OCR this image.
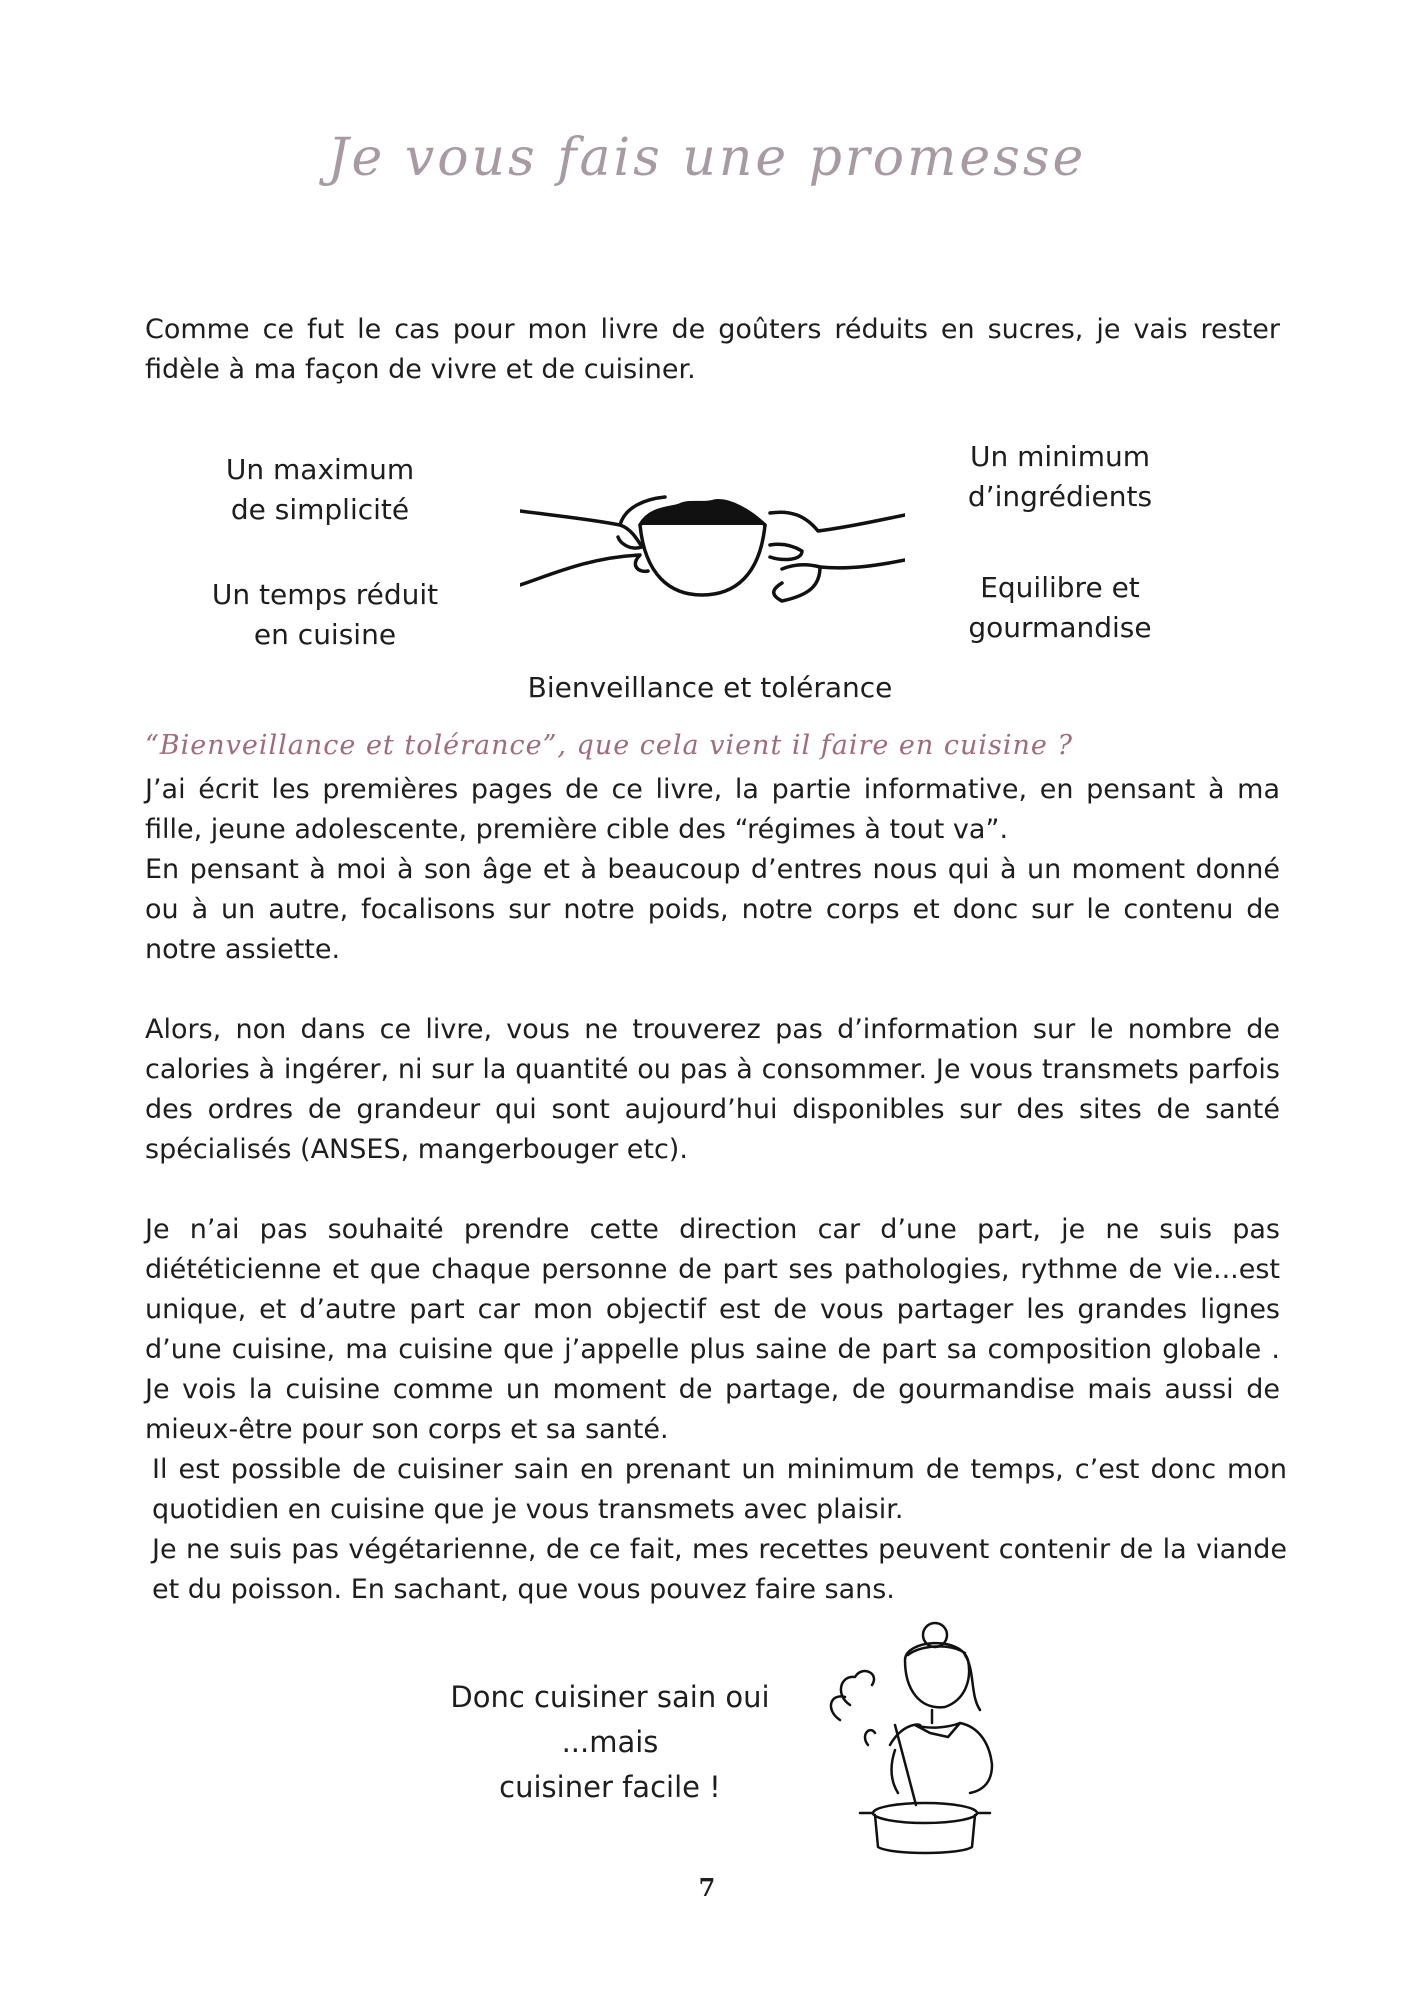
Je vous fais une promesse

Comme ce fut le cas pour mon livre de goûters réduits en sucres, je vais rester fidèle à ma façon de vivre et de cuisiner.

Un maximum
de simplicité
Un temps réduit
en cuisine
Un minimum
d’ingrédients
Equilibre et
gourmandise
Bienveillance et tolérance
“Bienveillance et tolérance”, que cela vient il faire en cuisine ?
J’ai écrit les premières pages de ce livre, la partie informative, en pensant à ma fille, jeune adolescente, première cible des “régimes à tout va”.
En pensant à moi à son âge et à beaucoup d’entres nous qui à un moment donné ou à un autre, focalisons sur notre poids, notre corps et donc sur le contenu de notre assiette.

Alors, non dans ce livre, vous ne trouverez pas d’information sur le nombre de calories à ingérer, ni sur la quantité ou pas à consommer. Je vous transmets parfois des ordres de grandeur qui sont aujourd’hui disponibles sur des sites de santé spécialisés (ANSES, mangerbouger etc).

Je n’ai pas souhaité prendre cette direction car d’une part, je ne suis pas diététicienne et que chaque personne de part ses pathologies, rythme de vie...est unique, et d’autre part car mon objectif est de vous partager les grandes lignes d’une cuisine, ma cuisine que j’appelle plus saine de part sa composition globale . Je vois la cuisine comme un moment de partage, de gourmandise mais aussi de mieux-être pour son corps et sa santé.

Il est possible de cuisiner sain en prenant un minimum de temps, c’est donc mon quotidien en cuisine que je vous transmets avec plaisir.
Je ne suis pas végétarienne, de ce fait, mes recettes peuvent contenir de la viande et du poisson. En sachant, que vous pouvez faire sans.
Donc cuisiner sain oui
...mais
cuisiner facile !
7
